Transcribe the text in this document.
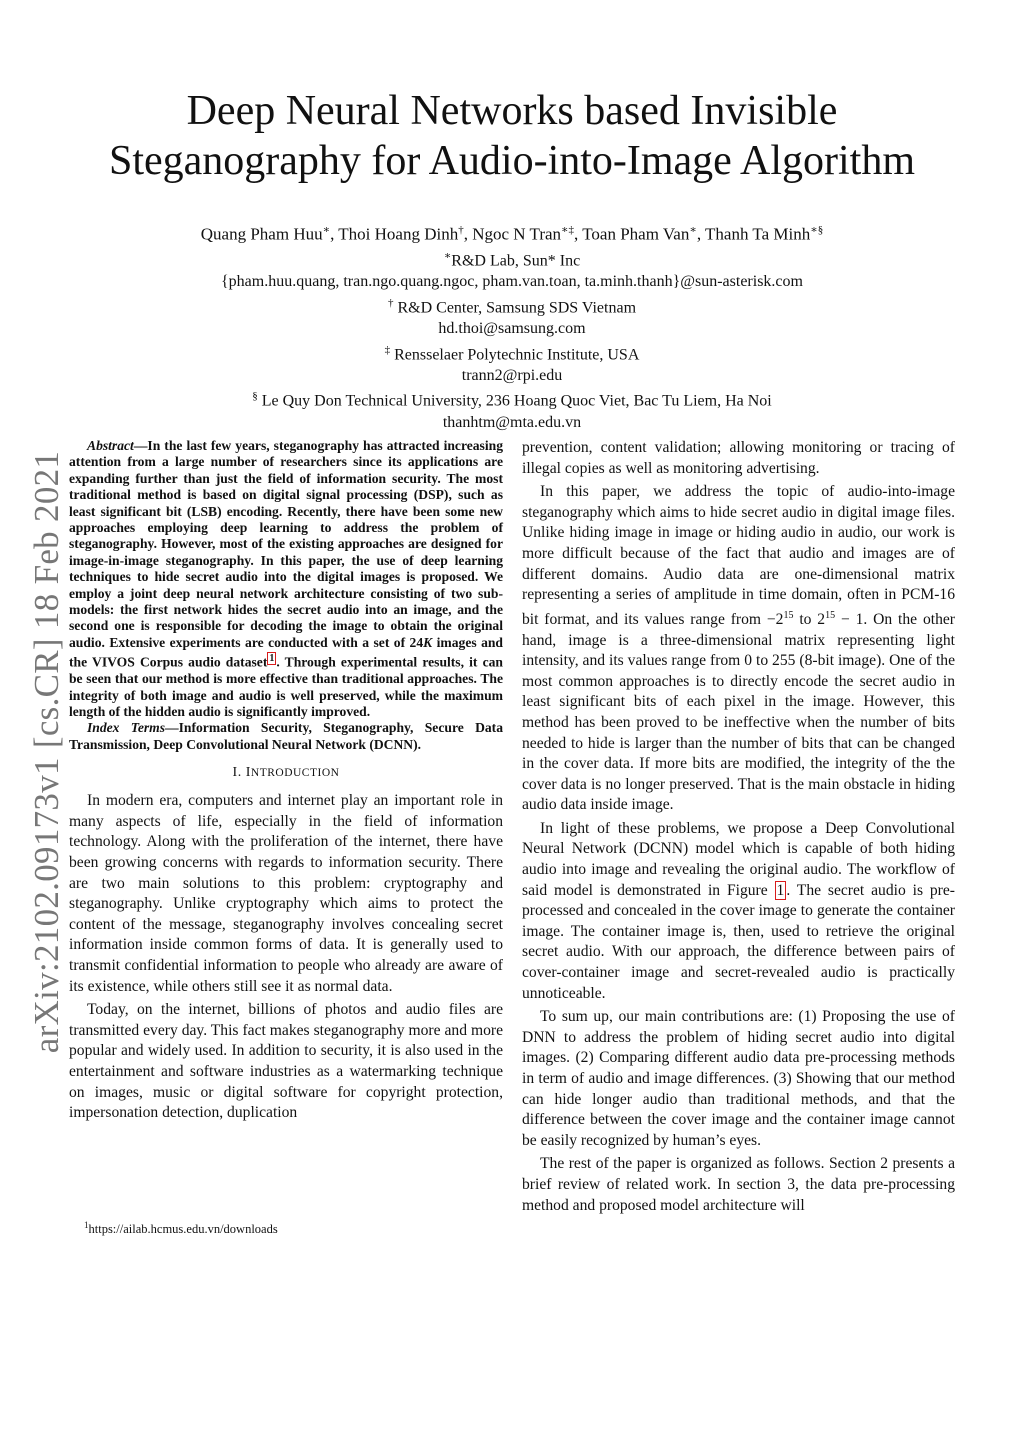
arXiv:2102.09173v1 [cs.CR] 18 Feb 2021
Deep Neural Networks based Invisible
Steganography for Audio-into-Image Algorithm
Quang Pham Huu∗, Thoi Hoang Dinh†, Ngoc N Tran∗‡, Toan Pham Van∗, Thanh Ta Minh∗§
∗R&D Lab, Sun* Inc
{pham.huu.quang, tran.ngo.quang.ngoc, pham.van.toan, ta.minh.thanh}@sun-asterisk.com
† R&D Center, Samsung SDS Vietnam
hd.thoi@samsung.com
‡ Rensselaer Polytechnic Institute, USA
trann2@rpi.edu
§ Le Quy Don Technical University, 236 Hoang Quoc Viet, Bac Tu Liem, Ha Noi
thanhtm@mta.edu.vn

Abstract—In the last few years, steganography has attracted increasing attention from a large number of researchers since its applications are expanding further than just the field of information security. The most traditional method is based on digital signal processing (DSP), such as least significant bit (LSB) encoding. Recently, there have been some new approaches employing deep learning to address the problem of steganography. However, most of the existing approaches are designed for image-in-image steganography. In this paper, the use of deep learning techniques to hide secret audio into the digital images is proposed. We employ a joint deep neural network architecture consisting of two sub-models: the first network hides the secret audio into an image, and the second one is responsible for decoding the image to obtain the original audio. Extensive experiments are conducted with a set of 24K images and the VIVOS Corpus audio dataset $^1$ . Through experimental results, it can be seen that our method is more effective than traditional approaches. The integrity of both image and audio is well preserved, while the maximum length of the hidden audio is significantly improved.

Index Terms—Information Security, Steganography, Secure Data Transmission, Deep Convolutional Neural Network (DCNN).

I. INTRODUCTION

In modern era, computers and internet play an important role in many aspects of life, especially in the field of information technology. Along with the proliferation of the internet, there have been growing concerns with regards to information security. There are two main solutions to this problem: cryptography and steganography. Unlike cryptography which aims to protect the content of the message, steganography involves concealing secret information inside common forms of data. It is generally used to transmit confidential information to people who already are aware of its existence, while others still see it as normal data.

Today, on the internet, billions of photos and audio files are transmitted every day. This fact makes steganography more and more popular and widely used. In addition to security, it is also used in the entertainment and software industries as a watermarking technique on images, music or digital software for copyright protection, impersonation detection, duplication

prevention, content validation; allowing monitoring or tracing of illegal copies as well as monitoring advertising.

In this paper, we address the topic of audio-into-image steganography which aims to hide secret audio in digital image files. Unlike hiding image in image or hiding audio in audio, our work is more difficult because of the fact that audio and images are of different domains. Audio data are one-dimensional matrix representing a series of amplitude in time domain, often in PCM-16 bit format, and its values range from $-2^{15}$ to $2^{15} - 1$. On the other hand, image is a three-dimensional matrix representing light intensity, and its values range from 0 to 255 (8-bit image). One of the most common approaches is to directly encode the secret audio in least significant bits of each pixel in the image. However, this method has been proved to be ineffective when the number of bits needed to hide is larger than the number of bits that can be changed in the cover data. If more bits are modified, the integrity of the the cover data is no longer preserved. That is the main obstacle in hiding audio data inside image.

In light of these problems, we propose a Deep Convolutional Neural Network (DCNN) model which is capable of both hiding audio into image and revealing the original audio. The workflow of said model is demonstrated in Figure 1 . The secret audio is pre-processed and concealed in the cover image to generate the container image. The container image is, then, used to retrieve the original secret audio. With our approach, the difference between pairs of cover-container image and secret-revealed audio is practically unnoticeable.

To sum up, our main contributions are: (1) Proposing the use of DNN to address the problem of hiding secret audio into digital images. (2) Comparing different audio data pre-processing methods in term of audio and image differences. (3) Showing that our method can hide longer audio than traditional methods, and that the difference between the cover image and the container image cannot be easily recognized by human’s eyes.

The rest of the paper is organized as follows. Section 2 presents a brief review of related work. In section 3, the data pre-processing method and proposed model architecture will

$^1$https://ailab.hcmus.edu.vn/downloads
